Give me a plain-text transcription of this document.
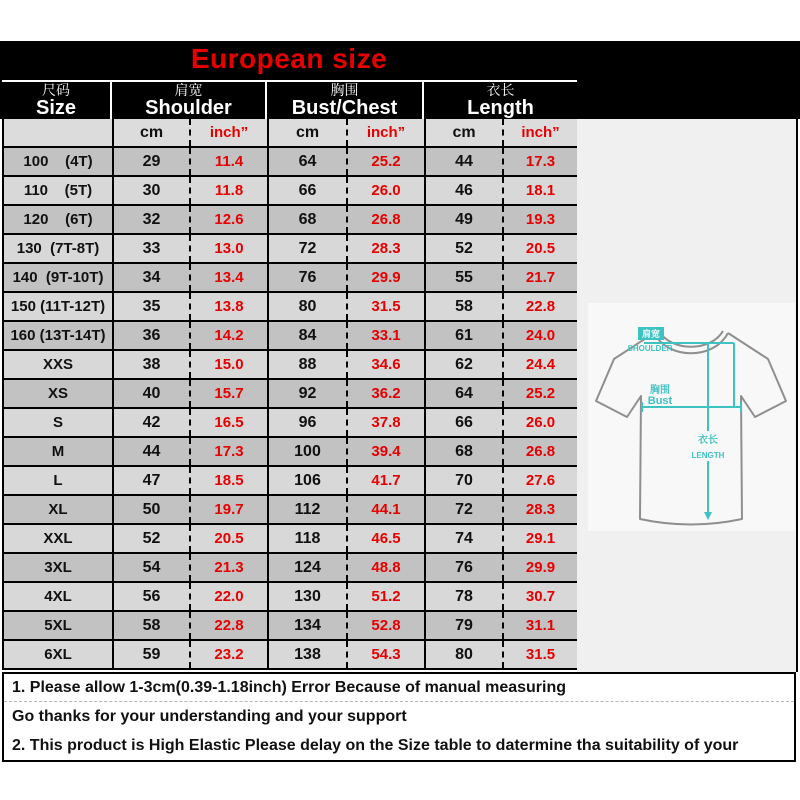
European size
尺码
Size
肩宽
Shoulder
胸围
Bust/Chest
衣长
Length
cm	inch”	cm	inch”	cm	inch”
100    (4T)	29	11.4	64	25.2	44	17.3
110    (5T)	30	11.8	66	26.0	46	18.1
120    (6T)	32	12.6	68	26.8	49	19.3
130  (7T-8T)	33	13.0	72	28.3	52	20.5
140  (9T-10T)	34	13.4	76	29.9	55	21.7
150 (11T-12T)	35	13.8	80	31.5	58	22.8
160 (13T-14T)	36	14.2	84	33.1	61	24.0
XXS	38	15.0	88	34.6	62	24.4
XS	40	15.7	92	36.2	64	25.2
S	42	16.5	96	37.8	66	26.0
M	44	17.3	100	39.4	68	26.8
L	47	18.5	106	41.7	70	27.6
XL	50	19.7	112	44.1	72	28.3
XXL	52	20.5	118	46.5	74	29.1
3XL	54	21.3	124	48.8	76	29.9
4XL	56	22.0	130	51.2	78	30.7
5XL	58	22.8	134	52.8	79	31.1
6XL	59	23.2	138	54.3	80	31.5
肩宽
SHOULDER
胸围
Bust
衣长
LENGTH
1. Please allow 1-3cm(0.39-1.18inch) Error Because of manual measuring
Go thanks for your understanding and your support
2. This product is High Elastic Please delay on the Size table to datermine tha suitability of your
